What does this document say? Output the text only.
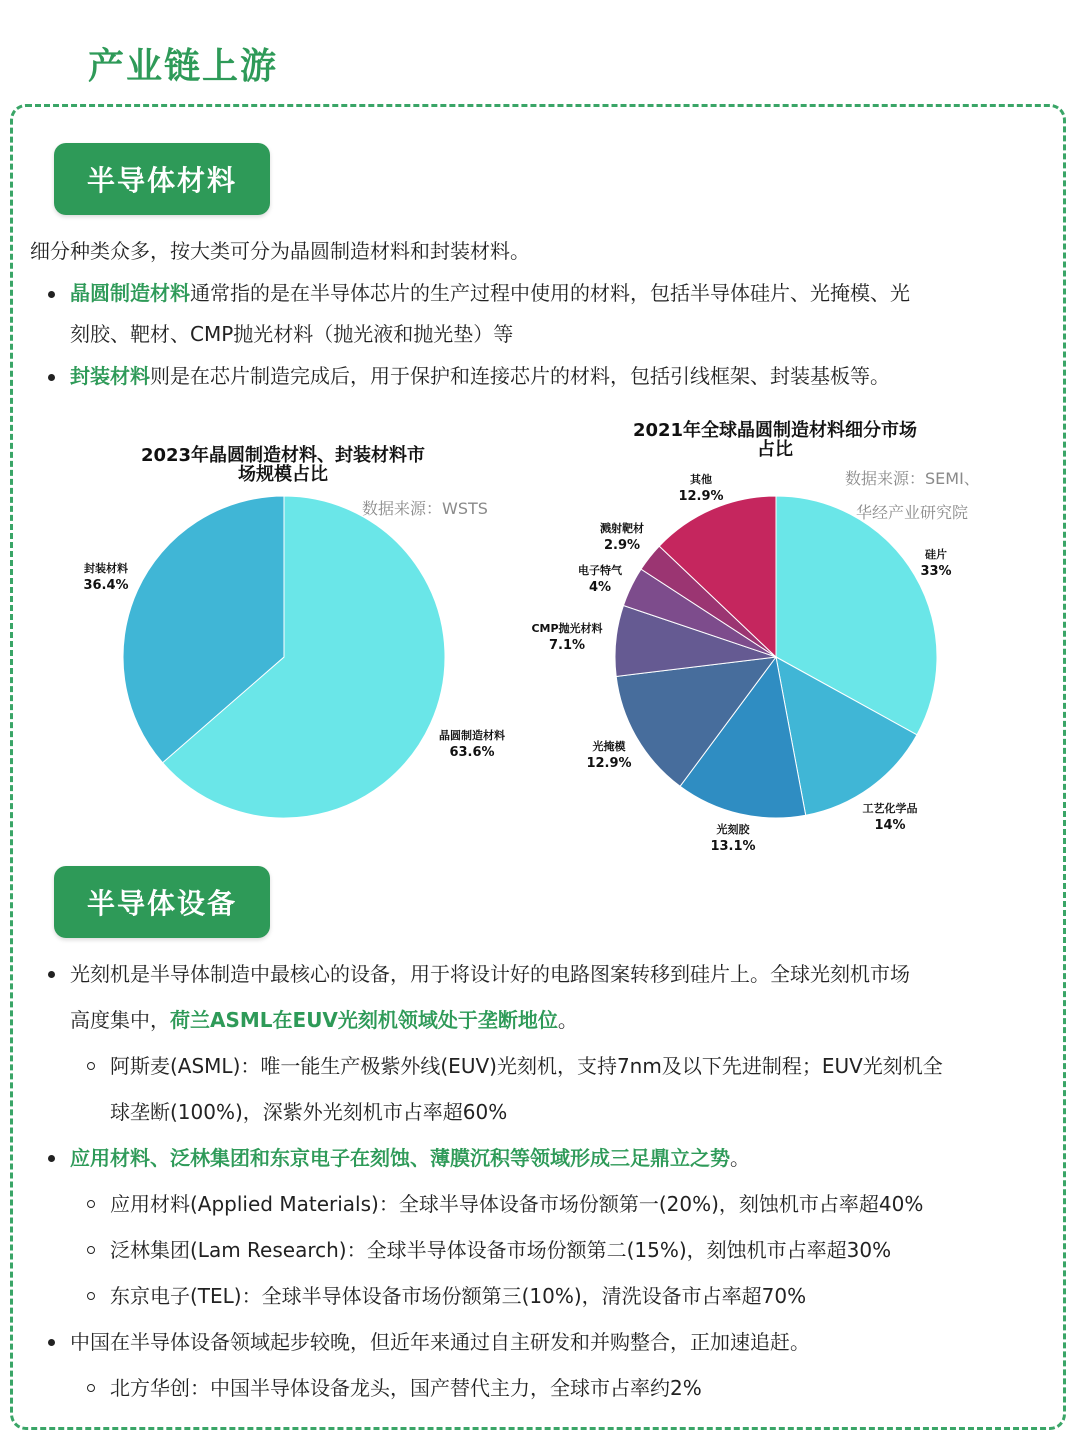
产业链上游
半导体材料
细分种类众多，按大类可分为晶圆制造材料和封装材料。
晶圆制造材料通常指的是在半导体芯片的生产过程中使用的材料，包括半导体硅片、光掩模、光
刻胶、靶材、CMP抛光材料（抛光液和抛光垫）等
封装材料则是在芯片制造完成后，用于保护和连接芯片的材料，包括引线框架、封装基板等。
2023年晶圆制造材料、封装材料市
场规模占比
数据来源：WSTS
晶圆制造材料
63.6%
封装材料
36.4%
2021年全球晶圆制造材料细分市场
占比
数据来源：SEMI、
华经产业研究院
硅片
33%
工艺化学品
14%
光刻胶
13.1%
光掩模
12.9%
CMP抛光材料
7.1%
电子特气
4%
溅射靶材
2.9%
其他
12.9%
半导体设备
光刻机是半导体制造中最核心的设备，用于将设计好的电路图案转移到硅片上。全球光刻机市场
高度集中，荷兰ASML在EUV光刻机领域处于垄断地位。
阿斯麦(ASML)：唯一能生产极紫外线(EUV)光刻机，支持7nm及以下先进制程；EUV光刻机全
球垄断(100%)，深紫外光刻机市占率超60%
应用材料、泛林集团和东京电子在刻蚀、薄膜沉积等领域形成三足鼎立之势。
应用材料(Applied Materials)：全球半导体设备市场份额第一(20%)，刻蚀机市占率超40%
泛林集团(Lam Research)：全球半导体设备市场份额第二(15%)，刻蚀机市占率超30%
东京电子(TEL)：全球半导体设备市场份额第三(10%)，清洗设备市占率超70%
中国在半导体设备领域起步较晚，但近年来通过自主研发和并购整合，正加速追赶。
北方华创：中国半导体设备龙头，国产替代主力，全球市占率约2%
